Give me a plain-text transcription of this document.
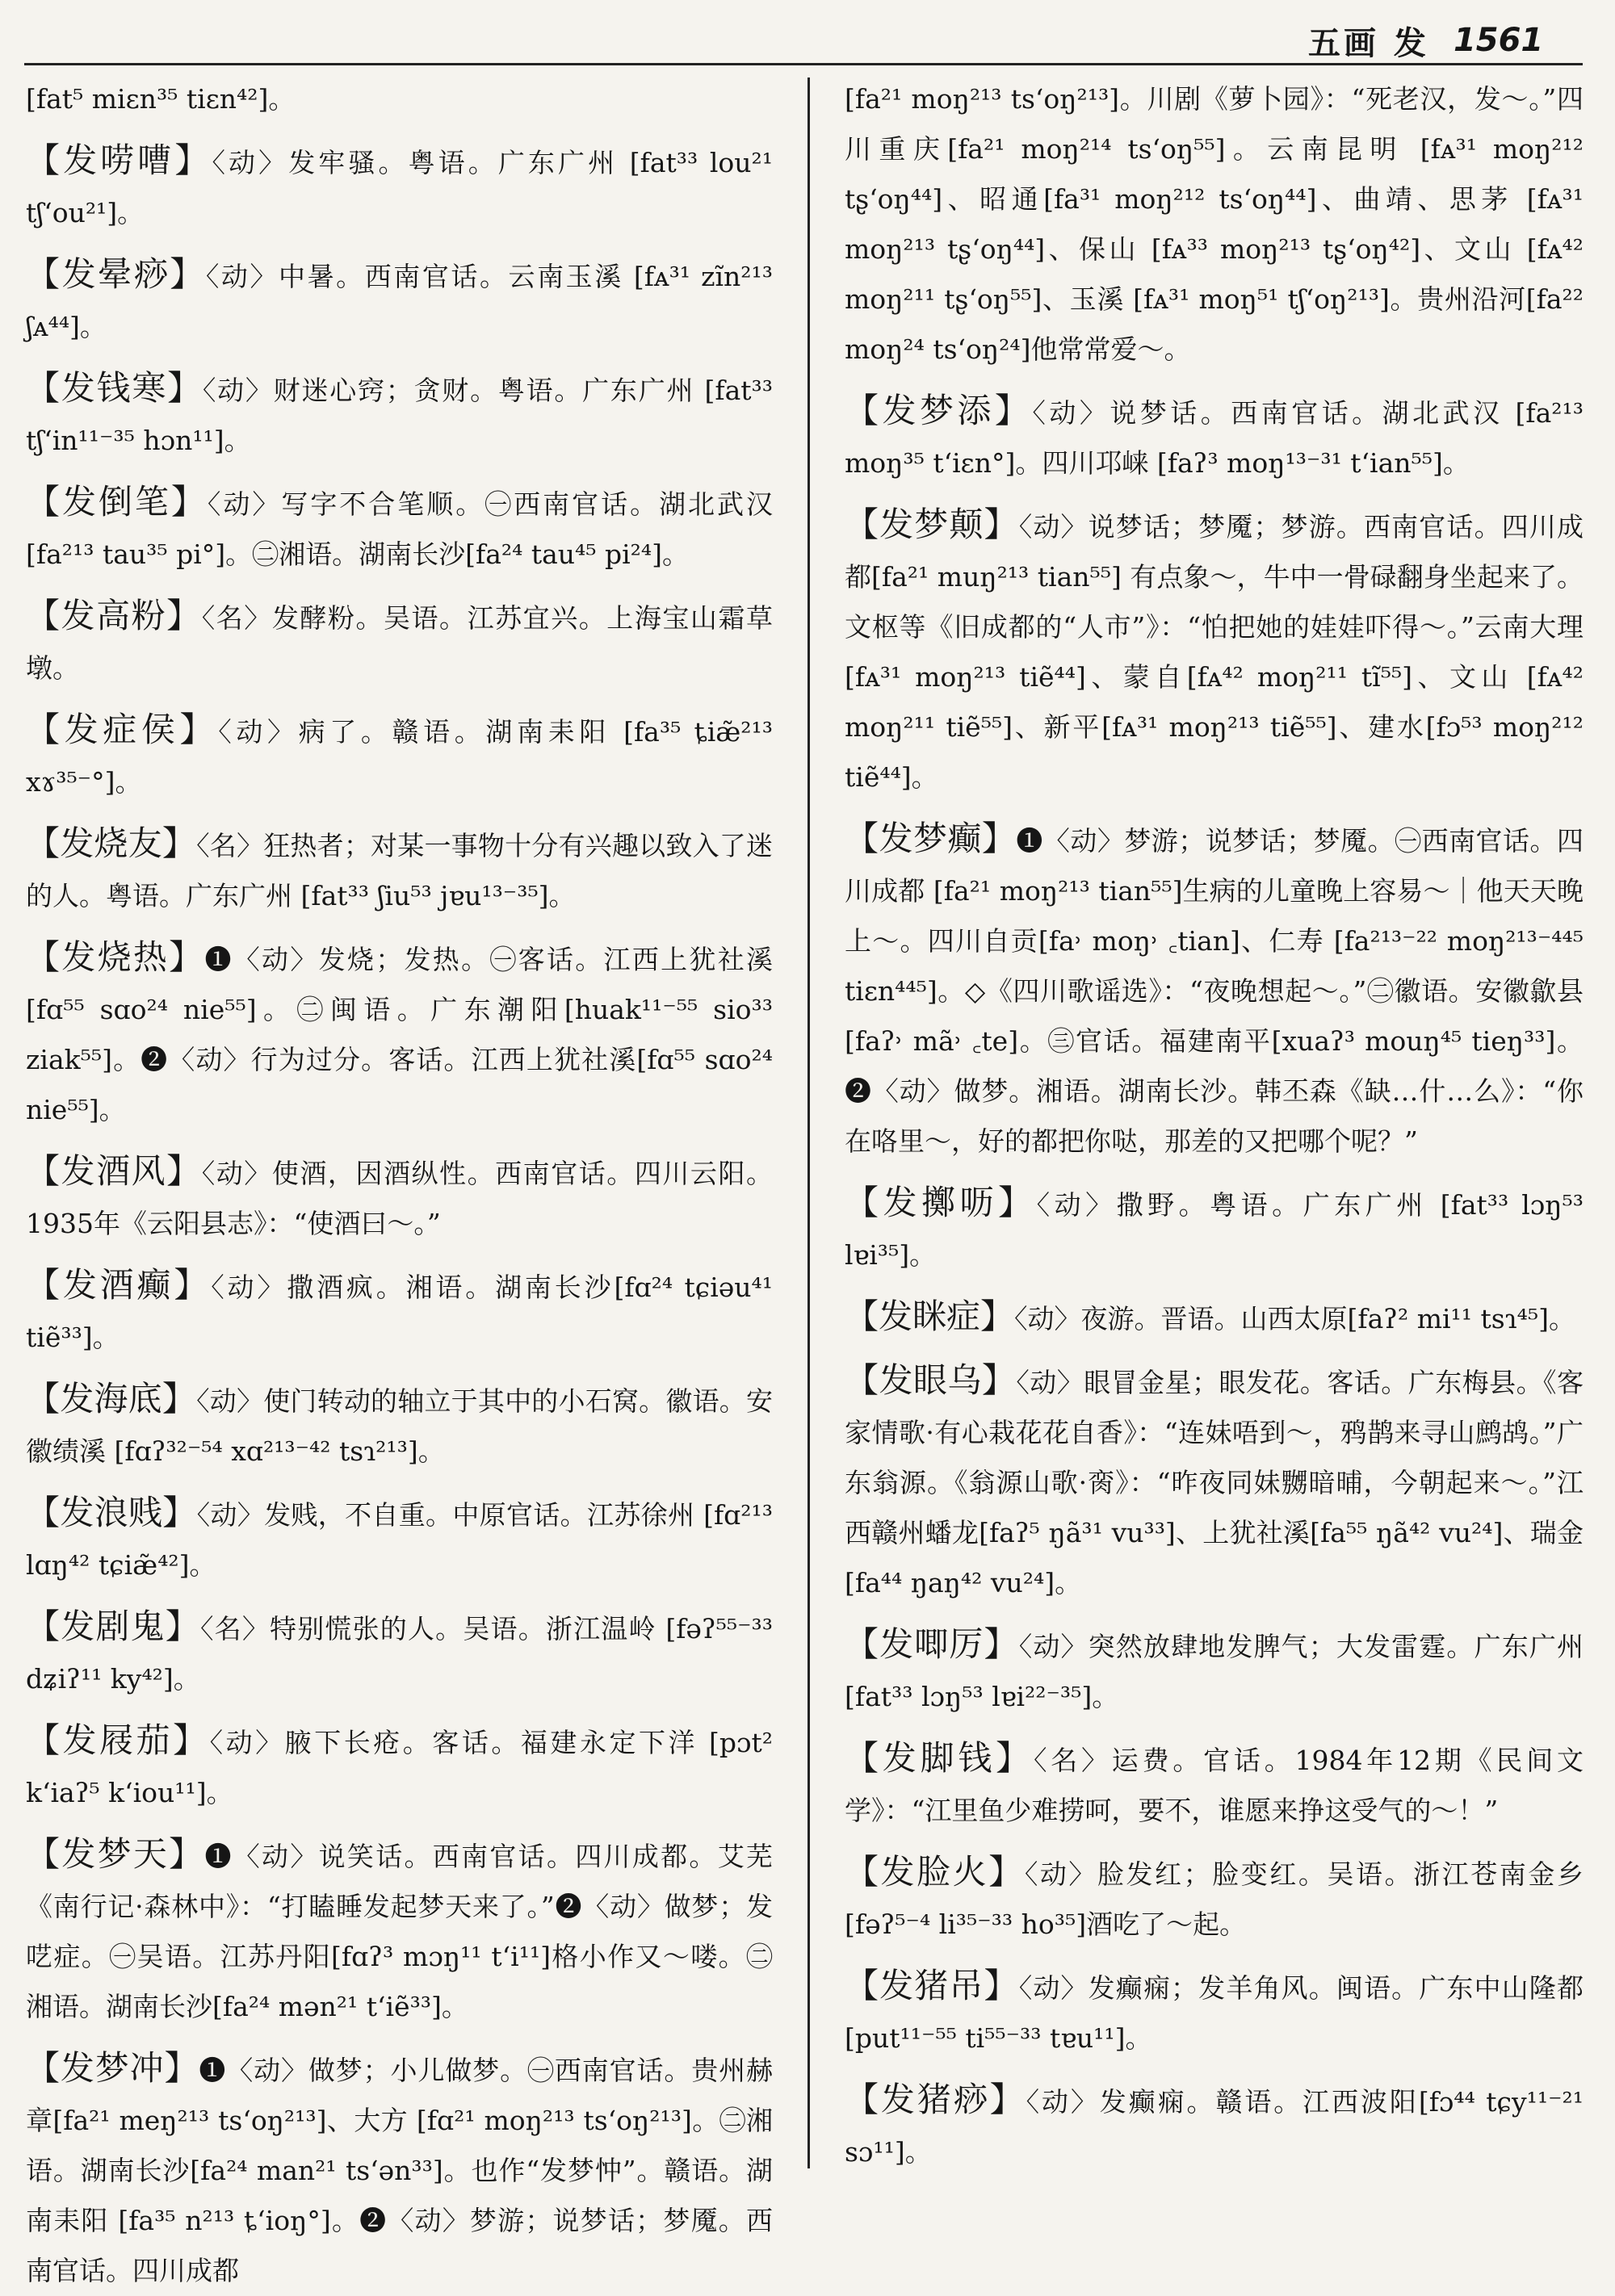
五画 发 1561
[fat⁵ miɛn³⁵ tiɛn⁴²]。
【发唠嘈】〈动〉发牢骚。粤语。广东广州 [fat³³ lou²¹ tʃ‘ou²¹]。
【发晕痧】〈动〉中暑。西南官话。云南玉溪 [fᴀ³¹ zĩn²¹³ ʃᴀ⁴⁴]。
【发钱寒】〈动〉财迷心窍；贪财。粤语。广东广州 [fat³³ tʃ‘in¹¹⁻³⁵ hɔn¹¹]。
【发倒笔】〈动〉写字不合笔顺。㊀西南官话。湖北武汉[fa²¹³ tau³⁵ pi°]。㊁湘语。湖南长沙[fa²⁴ tau⁴⁵ pi²⁴]。
【发高粉】〈名〉发酵粉。吴语。江苏宜兴。上海宝山霜草墩。
【发症侯】〈动〉病了。赣语。湖南耒阳 [fa³⁵ ȶiæ̃²¹³ xɤ³⁵⁻°]。
【发烧友】〈名〉狂热者；对某一事物十分有兴趣以致入了迷的人。粤语。广东广州 [fat³³ ʃiu⁵³ jɐu¹³⁻³⁵]。
【发烧热】❶〈动〉发烧；发热。㊀客话。江西上犹社溪[fɑ⁵⁵ sɑo²⁴ nie⁵⁵]。㊁闽语。广东潮阳[huak¹¹⁻⁵⁵ sio³³ ziak⁵⁵]。❷〈动〉行为过分。客话。江西上犹社溪[fɑ⁵⁵ sɑo²⁴ nie⁵⁵]。
【发酒风】〈动〉使酒，因酒纵性。西南官话。四川云阳。1935年《云阳县志》：“使酒曰～。”
【发酒癫】〈动〉撒酒疯。湘语。湖南长沙[fɑ²⁴ tɕiəu⁴¹ tiẽ³³]。
【发海底】〈动〉使门转动的轴立于其中的小石窝。徽语。安徽绩溪 [fɑʔ³²⁻⁵⁴ xɑ²¹³⁻⁴² tsɿ²¹³]。
【发浪贱】〈动〉发贱，不自重。中原官话。江苏徐州 [fɑ²¹³ lɑŋ⁴² tɕiæ̃⁴²]。
【发剧鬼】〈名〉特别慌张的人。吴语。浙江温岭 [fəʔ⁵⁵⁻³³ dʑiʔ¹¹ ky⁴²]。
【发屐茄】〈动〉腋下长疮。客话。福建永定下洋 [pɔt² k‘iaʔ⁵ k‘iou¹¹]。
【发梦天】❶〈动〉说笑话。西南官话。四川成都。艾芜《南行记·森林中》：“打瞌睡发起梦天来了。”❷〈动〉做梦；发呓症。㊀吴语。江苏丹阳[fɑʔ³ mɔŋ¹¹ t‘i¹¹]格小作又～喽。㊁湘语。湖南长沙[fa²⁴ mən²¹ t‘iẽ³³]。
【发梦冲】❶〈动〉做梦；小儿做梦。㊀西南官话。贵州赫章[fa²¹ meŋ²¹³ ts‘oŋ²¹³]、大方 [fɑ²¹ moŋ²¹³ ts‘oŋ²¹³]。㊁湘语。湖南长沙[fa²⁴ man²¹ ts‘ən³³]。也作“发梦忡”。赣语。湖南耒阳 [fa³⁵ n²¹³ ȶ‘ioŋ°]。❷〈动〉梦游；说梦话；梦魇。西南官话。四川成都
[fa²¹ moŋ²¹³ ts‘oŋ²¹³]。川剧《萝卜园》：“死老汉，发～。”四川重庆[fa²¹ moŋ²¹⁴ ts‘oŋ⁵⁵]。云南昆明 [fᴀ³¹ moŋ²¹² tʂ‘oŋ⁴⁴]、昭通[fa³¹ moŋ²¹² ts‘oŋ⁴⁴]、曲靖、思茅 [fᴀ³¹ moŋ²¹³ tʂ‘oŋ⁴⁴]、保山 [fᴀ³³ moŋ²¹³ tʂ‘oŋ⁴²]、文山 [fᴀ⁴² moŋ²¹¹ tʂ‘oŋ⁵⁵]、玉溪 [fᴀ³¹ moŋ⁵¹ tʃ‘oŋ²¹³]。贵州沿河[fa²² moŋ²⁴ ts‘oŋ²⁴]他常常爱～。
【发梦添】〈动〉说梦话。西南官话。湖北武汉 [fa²¹³ moŋ³⁵ t‘iɛn°]。四川邛崃 [faʔ³ moŋ¹³⁻³¹ t‘ian⁵⁵]。
【发梦颠】〈动〉说梦话；梦魇；梦游。西南官话。四川成都[fa²¹ muŋ²¹³ tian⁵⁵] 有点象～，牛中一骨碌翻身坐起来了。文枢等《旧成都的“人市”》：“怕把她的娃娃吓得～。”云南大理 [fᴀ³¹ moŋ²¹³ tiẽ⁴⁴]、蒙自[fᴀ⁴² moŋ²¹¹ tĩ⁵⁵]、文山 [fᴀ⁴² moŋ²¹¹ tiẽ⁵⁵]、新平[fᴀ³¹ moŋ²¹³ tiẽ⁵⁵]、建水[fɔ⁵³ moŋ²¹² tiẽ⁴⁴]。
【发梦癫】❶〈动〉梦游；说梦话；梦魇。㊀西南官话。四川成都 [fa²¹ moŋ²¹³ tian⁵⁵]生病的儿童晚上容易～｜他天天晚上～。四川自贡[fa˒ moŋ˒ ꜀tian]、仁寿 [fa²¹³⁻²² moŋ²¹³⁻⁴⁴⁵ tiɛn⁴⁴⁵]。◇《四川歌谣选》：“夜晚想起～。”㊁徽语。安徽歙县 [faʔ˒ mã˒ ꜀te]。㊂官话。福建南平[xuaʔ³ mouŋ⁴⁵ tieŋ³³]。❷〈动〉做梦。湘语。湖南长沙。韩丕森《缺…什…么》：“你在咯里～，好的都把你哒，那差的又把哪个呢？”
【发擲呖】〈动〉撒野。粤语。广东广州 [fat³³ lɔŋ⁵³ lɐi³⁵]。
【发眯症】〈动〉夜游。晋语。山西太原[faʔ² mi¹¹ tsɿ⁴⁵]。
【发眼乌】〈动〉眼冒金星；眼发花。客话。广东梅县。《客家情歌·有心栽花花自香》：“连妹唔到～，鸦鹊来寻山鹧鸪。”广东翁源。《翁源山歌·脔》：“昨夜同妹嬲暗晡，今朝起来～。”江西赣州蟠龙[faʔ⁵ ŋã³¹ vu³³]、上犹社溪[fa⁵⁵ ŋã⁴² vu²⁴]、瑞金[fa⁴⁴ ŋaŋ⁴² vu²⁴]。
【发唧厉】〈动〉突然放肆地发脾气；大发雷霆。广东广州[fat³³ lɔŋ⁵³ lɐi²²⁻³⁵]。
【发脚钱】〈名〉运费。官话。1984年12期《民间文学》：“江里鱼少难捞呵，要不，谁愿来挣这受气的～！”
【发脸火】〈动〉脸发红；脸变红。吴语。浙江苍南金乡 [fəʔ⁵⁻⁴ li³⁵⁻³³ ho³⁵]酒吃了～起。
【发猪吊】〈动〉发癫痫；发羊角风。闽语。广东中山隆都[put¹¹⁻⁵⁵ ti⁵⁵⁻³³ tɐu¹¹]。
【发猪痧】〈动〉发癫痫。赣语。江西波阳[fɔ⁴⁴ tɕy¹¹⁻²¹ sɔ¹¹]。
